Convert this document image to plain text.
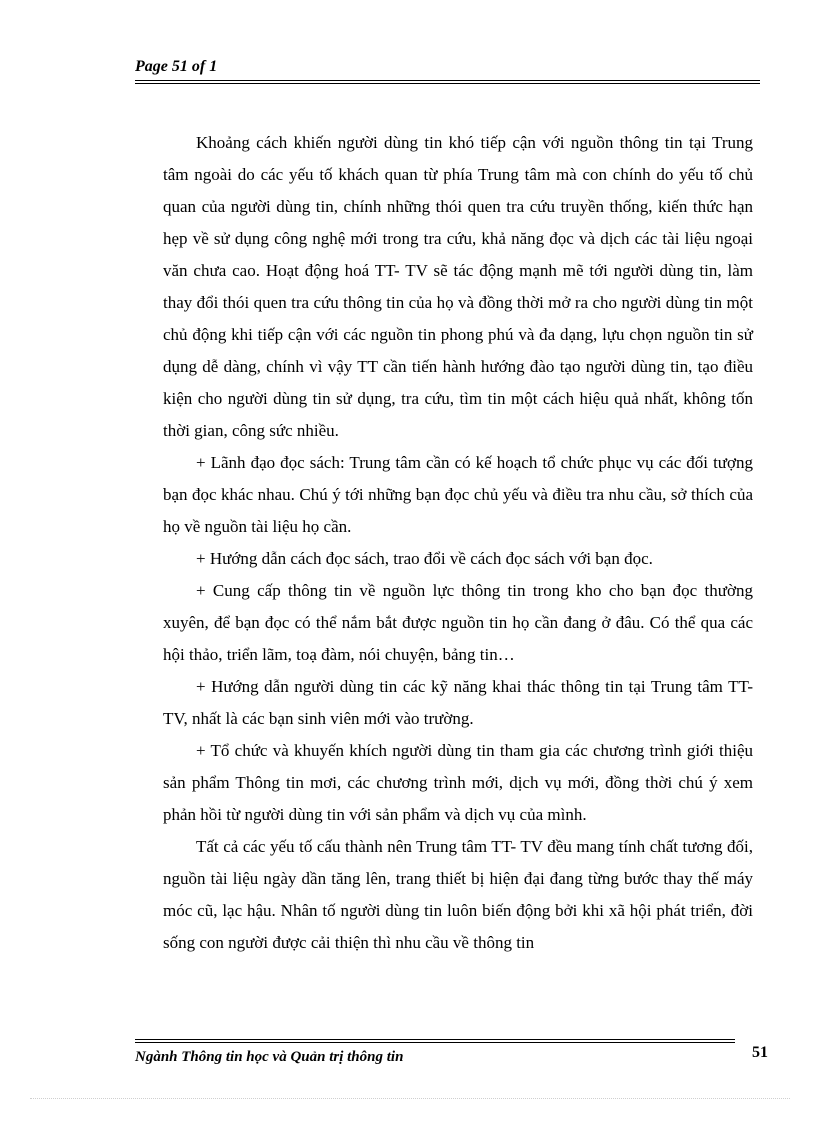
Page 51 of 1

Khoảng cách khiến người dùng tin khó tiếp cận với nguồn thông tin tại Trung tâm ngoài do các yếu tố khách quan từ phía Trung tâm mà con chính do yếu tố chủ quan của người dùng tin, chính những thói quen tra cứu truyền thống, kiến thức hạn hẹp về sử dụng công nghệ mới trong tra cứu, khả năng đọc và dịch các tài liệu ngoại văn chưa cao. Hoạt động hoá TT- TV sẽ tác động mạnh mẽ tới người dùng tin, làm thay đổi thói quen tra cứu thông tin của họ và đồng thời mở ra cho người dùng tin một chủ động khi tiếp cận với các nguồn tin phong phú và đa dạng, lựu chọn nguồn tin sử dụng dễ dàng, chính vì vậy TT cần tiến hành hướng đào tạo người dùng tin, tạo điều kiện cho người dùng tin sử dụng, tra cứu, tìm tin một cách hiệu quả nhất, không tốn thời gian, công sức nhiều.

+ Lãnh đạo đọc sách: Trung tâm cần có kế hoạch tổ chức phục vụ các đối tượng bạn đọc khác nhau. Chú ý tới những bạn đọc chủ yếu và điều tra nhu cầu, sở thích của họ về nguồn tài liệu họ cần.

+ Hướng dẫn cách đọc sách, trao đổi về cách đọc sách với bạn đọc.

+ Cung cấp thông tin về nguồn lực thông tin trong kho cho bạn đọc thường xuyên, để bạn đọc có thể nắm bắt được nguồn tin họ cần đang ở đâu. Có thể qua các hội thảo, triển lãm, toạ đàm, nói chuyện, bảng tin…

+ Hướng dẫn người dùng tin các kỹ năng khai thác thông tin tại Trung tâm TT- TV, nhất là các bạn sinh viên mới vào trường.

+ Tổ chức và khuyến khích người dùng tin tham gia các chương trình giới thiệu sản phẩm Thông tin mơi, các chương trình mới, dịch vụ mới, đồng thời chú ý xem phản hồi từ người dùng tin với sản phẩm và dịch vụ của mình.

Tất cả các yếu tố cấu thành nên Trung tâm TT- TV đều mang tính chất tương đối, nguồn tài liệu ngày dần tăng lên, trang thiết bị hiện đại đang từng bước thay thế máy móc cũ, lạc hậu. Nhân tố người dùng tin luôn biến động bởi khi xã hội phát triển, đời sống con người được cải thiện thì nhu cầu về thông tin

Ngành Thông tin học và Quản trị thông tin	51
